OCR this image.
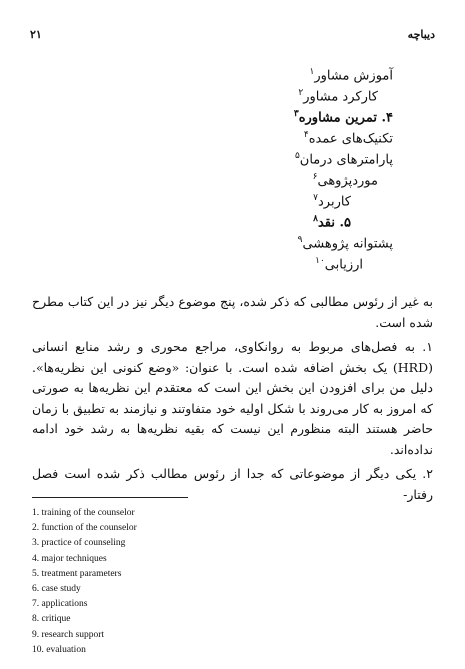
۲۱	دیباچه
آموزش مشاور$^۱$
کارکرد مشاور$^۲$
۴. تمرین مشاوره$^۳$
تکنیک‌های عمده$^۴$
پارامترهای درمان$^۵$
موردپژوهی$^۶$
کاربرد$^۷$
۵. نقد$^۸$
پشتوانه پژوهشی$^۹$
ارزیابی$^{۱۰}$

به غیر از رئوس مطالبی که ذکر شده، پنج موضوع دیگر نیز در این کتاب مطرح شده است.

۱. به فصل‌های مربوط به روانکاوی، مراجع محوری و رشد منابع انسانی (HRD) یک بخش اضافه شده است. با عنوان: «وضع کنونی این نظریه‌ها». دلیل من برای افزودن این بخش این است که معتقدم این نظریه‌ها به صورتی که امروز به کار می‌روند با شکل اولیه خود متفاوتند و نیازمند به تطبیق با زمان حاضر هستند البته منظورم این نیست که بقیه نظریه‌ها به رشد خود ادامه نداده‌اند.

۲. یکی دیگر از موضوعاتی که جدا از رئوس مطالب ذکر شده است فصل رفتار-

1. training of the counselor
2. function of the counselor
3. practice of counseling
4. major techniques
5. treatment parameters
6. case study
7. applications
8. critique
9. research support
10. evaluation
